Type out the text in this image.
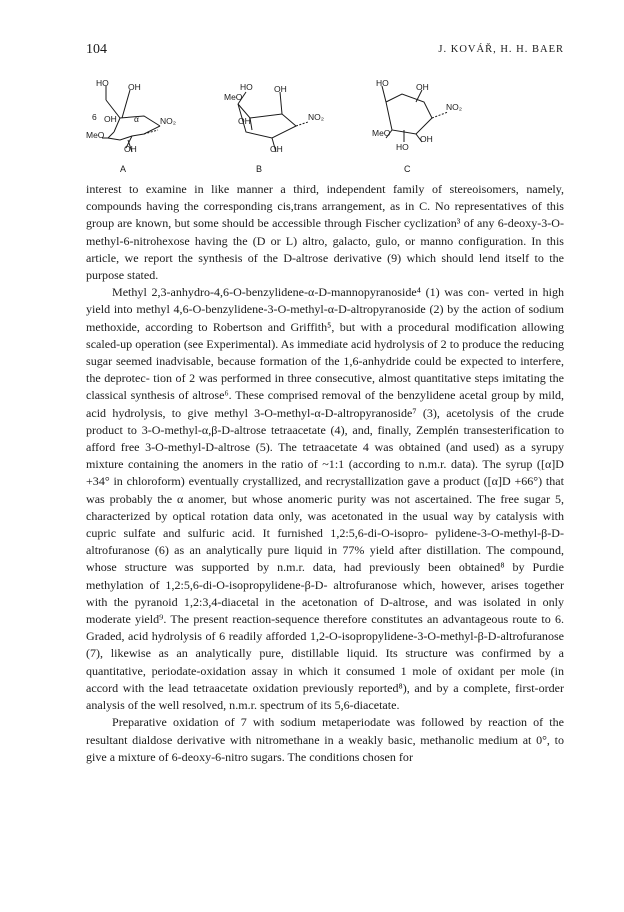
104	J. KOVÁŘ, H. H. BAER
HO OH
6 OH α NO₂
MeO
OH
A
HO
MeO
OH
OH	NO₂
OH
B
HO	OH
NO₂
MeO
HO
OH
C

interest to examine in like manner a third, independent family of stereoisomers, namely, compounds having the corresponding cis,trans arrangement, as in C. No representatives of this group are known, but some should be accessible through Fischer cyclization³ of any 6-deoxy-3-O-methyl-6-nitrohexose having the (D or L) altro, galacto, gulo, or manno configuration. In this article, we report the synthesis of the D-altrose derivative (9) which should lend itself to the purpose stated.

Methyl 2,3-anhydro-4,6-O-benzylidene-α-D-mannopyranoside⁴ (1) was con- verted in high yield into methyl 4,6-O-benzylidene-3-O-methyl-α-D-altropyranoside (2) by the action of sodium methoxide, according to Robertson and Griffith⁵, but with a procedural modification allowing scaled-up operation (see Experimental). As immediate acid hydrolysis of 2 to produce the reducing sugar seemed inadvisable, because formation of the 1,6-anhydride could be expected to interfere, the deprotec- tion of 2 was performed in three consecutive, almost quantitative steps imitating the classical synthesis of altrose⁶. These comprised removal of the benzylidene acetal group by mild, acid hydrolysis, to give methyl 3-O-methyl-α-D-altropyranoside⁷ (3), acetolysis of the crude product to 3-O-methyl-α,β-D-altrose tetraacetate (4), and, finally, Zemplén transesterification to afford free 3-O-methyl-D-altrose (5). The tetraacetate 4 was obtained (and used) as a syrupy mixture containing the anomers in the ratio of ~1:1 (according to n.m.r. data). The syrup ([α]D +34° in chloroform) eventually crystallized, and recrystallization gave a product ([α]D +66°) that was probably the α anomer, but whose anomeric purity was not ascertained. The free sugar 5, characterized by optical rotation data only, was acetonated in the usual way by catalysis with cupric sulfate and sulfuric acid. It furnished 1,2:5,6-di-O-isopro- pylidene-3-O-methyl-β-D-altrofuranose (6) as an analytically pure liquid in 77% yield after distillation. The compound, whose structure was supported by n.m.r. data, had previously been obtained⁸ by Purdie methylation of 1,2:5,6-di-O-isopropylidene-β-D- altrofuranose which, however, arises together with the pyranoid 1,2:3,4-diacetal in the acetonation of D-altrose, and was isolated in only moderate yield⁹. The present reaction-sequence therefore constitutes an advantageous route to 6. Graded, acid hydrolysis of 6 readily afforded 1,2-O-isopropylidene-3-O-methyl-β-D-altrofuranose (7), likewise as an analytically pure, distillable liquid. Its structure was confirmed by a quantitative, periodate-oxidation assay in which it consumed 1 mole of oxidant per mole (in accord with the lead tetraacetate oxidation previously reported⁸), and by a complete, first-order analysis of the well resolved, n.m.r. spectrum of its 5,6-diacetate.

Preparative oxidation of 7 with sodium metaperiodate was followed by reaction of the resultant dialdose derivative with nitromethane in a weakly basic, methanolic medium at 0°, to give a mixture of 6-deoxy-6-nitro sugars. The conditions chosen for
